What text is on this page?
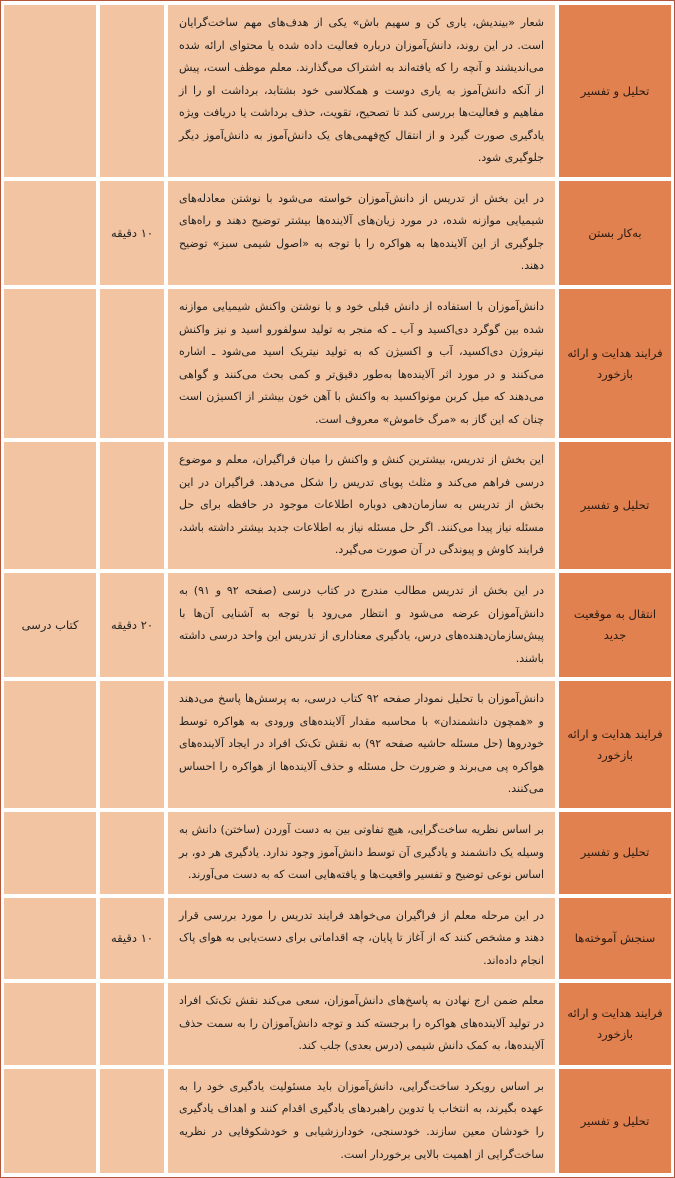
تحلیل و تفسیر
شعار «بیندیش، یاری کن و سهیم باش» یکی از هدف‌های مهم ساخت‌گرایان است. در این روند، دانش‌آموزان درباره فعالیت داده شده یا محتوای ارائه شده می‌اندیشند و آنچه را که یافته‌اند به اشتراک می‌گذارند. معلم موظف است، پیش از آنکه دانش‌آموز به یاری دوست و همکلاسی خود بشتابد، برداشت او را از مفاهیم و فعالیت‌ها بررسی کند تا تصحیح، تقویت، حذف برداشت یا دریافت ویژه یادگیری صورت گیرد و از انتقال کج‌فهمی‌های یک دانش‌آموز به دانش‌آموز دیگر جلوگیری شود.
به‌کار بستن
در این بخش از تدریس از دانش‌آموزان خواسته می‌شود با نوشتن معادله‌های شیمیایی موازنه شده، در مورد زیان‌های آلاینده‌ها بیشتر توضیح دهند و راه‌های جلوگیری از این آلاینده‌ها به هواکره را با توجه به «اصول شیمی سبز» توضیح دهند.
۱۰ دقیقه
فرایند هدایت و ارائه بازخورد
دانش‌آموزان با استفاده از دانش قبلی خود و با نوشتن واکنش شیمیایی موازنه شده بین گوگرد دی‌اکسید و آب ـ که منجر به تولید سولفورو اسید و نیز واکنش نیتروژن دی‌اکسید، آب و اکسیژن که به تولید نیتریک اسید می‌شود ـ اشاره می‌کنند و در مورد اثر آلاینده‌ها به‌طور دقیق‌تر و کمی بحث می‌کنند و گواهی می‌دهند که میل کربن مونواکسید به واکنش با آهن خون بیشتر از اکسیژن است چنان که این گاز به «مرگ خاموش» معروف است.
تحلیل و تفسیر
این بخش از تدریس، بیشترین کنش و واکنش را میان فراگیران، معلم و موضوع درسی فراهم می‌کند و مثلث پویای تدریس را شکل می‌دهد. فراگیران در این بخش از تدریس به سازمان‌دهی دوباره اطلاعات موجود در حافظه برای حل مسئله نیاز پیدا می‌کنند. اگر حل مسئله نیاز به اطلاعات جدید بیشتر داشته باشد، فرایند کاوش و پیوندگی در آن صورت می‌گیرد.
انتقال به موقعیت جدید
در این بخش از تدریس مطالب مندرج در کتاب درسی (صفحه ۹۲ و ۹۱) به دانش‌آموزان عرضه می‌شود و انتظار می‌رود با توجه به آشنایی آن‌ها با پیش‌سازمان‌دهنده‌های درس، یادگیری معناداری از تدریس این واحد درسی داشته باشند.
۲۰ دقیقه
کتاب درسی
فرایند هدایت و ارائه بازخورد
دانش‌آموزان با تحلیل نمودار صفحه ۹۲ کتاب درسی، به پرسش‌ها پاسخ می‌دهند و «همچون دانشمندان» با محاسبه مقدار آلاینده‌های ورودی به هواکره توسط خودروها (حل مسئله حاشیه صفحه ۹۲) به نقش تک‌تک افراد در ایجاد آلاینده‌های هواکره پی می‌برند و ضرورت حل مسئله و حذف آلاینده‌ها از هواکره را احساس می‌کنند.
تحلیل و تفسیر
بر اساس نظریه ساخت‌گرایی، هیچ تفاوتی بین به دست آوردن (ساختن) دانش به وسیله یک دانشمند و یادگیری آن توسط دانش‌آموز وجود ندارد. یادگیری هر دو، بر اساس نوعی توضیح و تفسیر واقعیت‌ها و یافته‌هایی است که به دست می‌آورند.
سنجش آموخته‌ها
در این مرحله معلم از فراگیران می‌خواهد فرایند تدریس را مورد بررسی قرار دهند و مشخص کنند که از آغاز تا پایان، چه اقداماتی برای دست‌یابی به هوای پاک انجام داده‌اند.
۱۰ دقیقه
فرایند هدایت و ارائه بازخورد
معلم ضمن ارج نهادن به پاسخ‌های دانش‌آموزان، سعی می‌کند نقش تک‌تک افراد در تولید آلاینده‌های هواکره را برجسته کند و توجه دانش‌آموزان را به سمت حذف آلاینده‌ها، به کمک دانش شیمی (درس بعدی) جلب کند.
تحلیل و تفسیر
بر اساس رویکرد ساخت‌گرایی، دانش‌آموزان باید مسئولیت یادگیری خود را به عهده بگیرند، به انتخاب یا تدوین راهبردهای یادگیری اقدام کنند و اهداف یادگیری را خودشان معین سازند. خودسنجی، خودارزشیابی و خودشکوفایی در نظریه ساخت‌گرایی از اهمیت بالایی برخوردار است.
